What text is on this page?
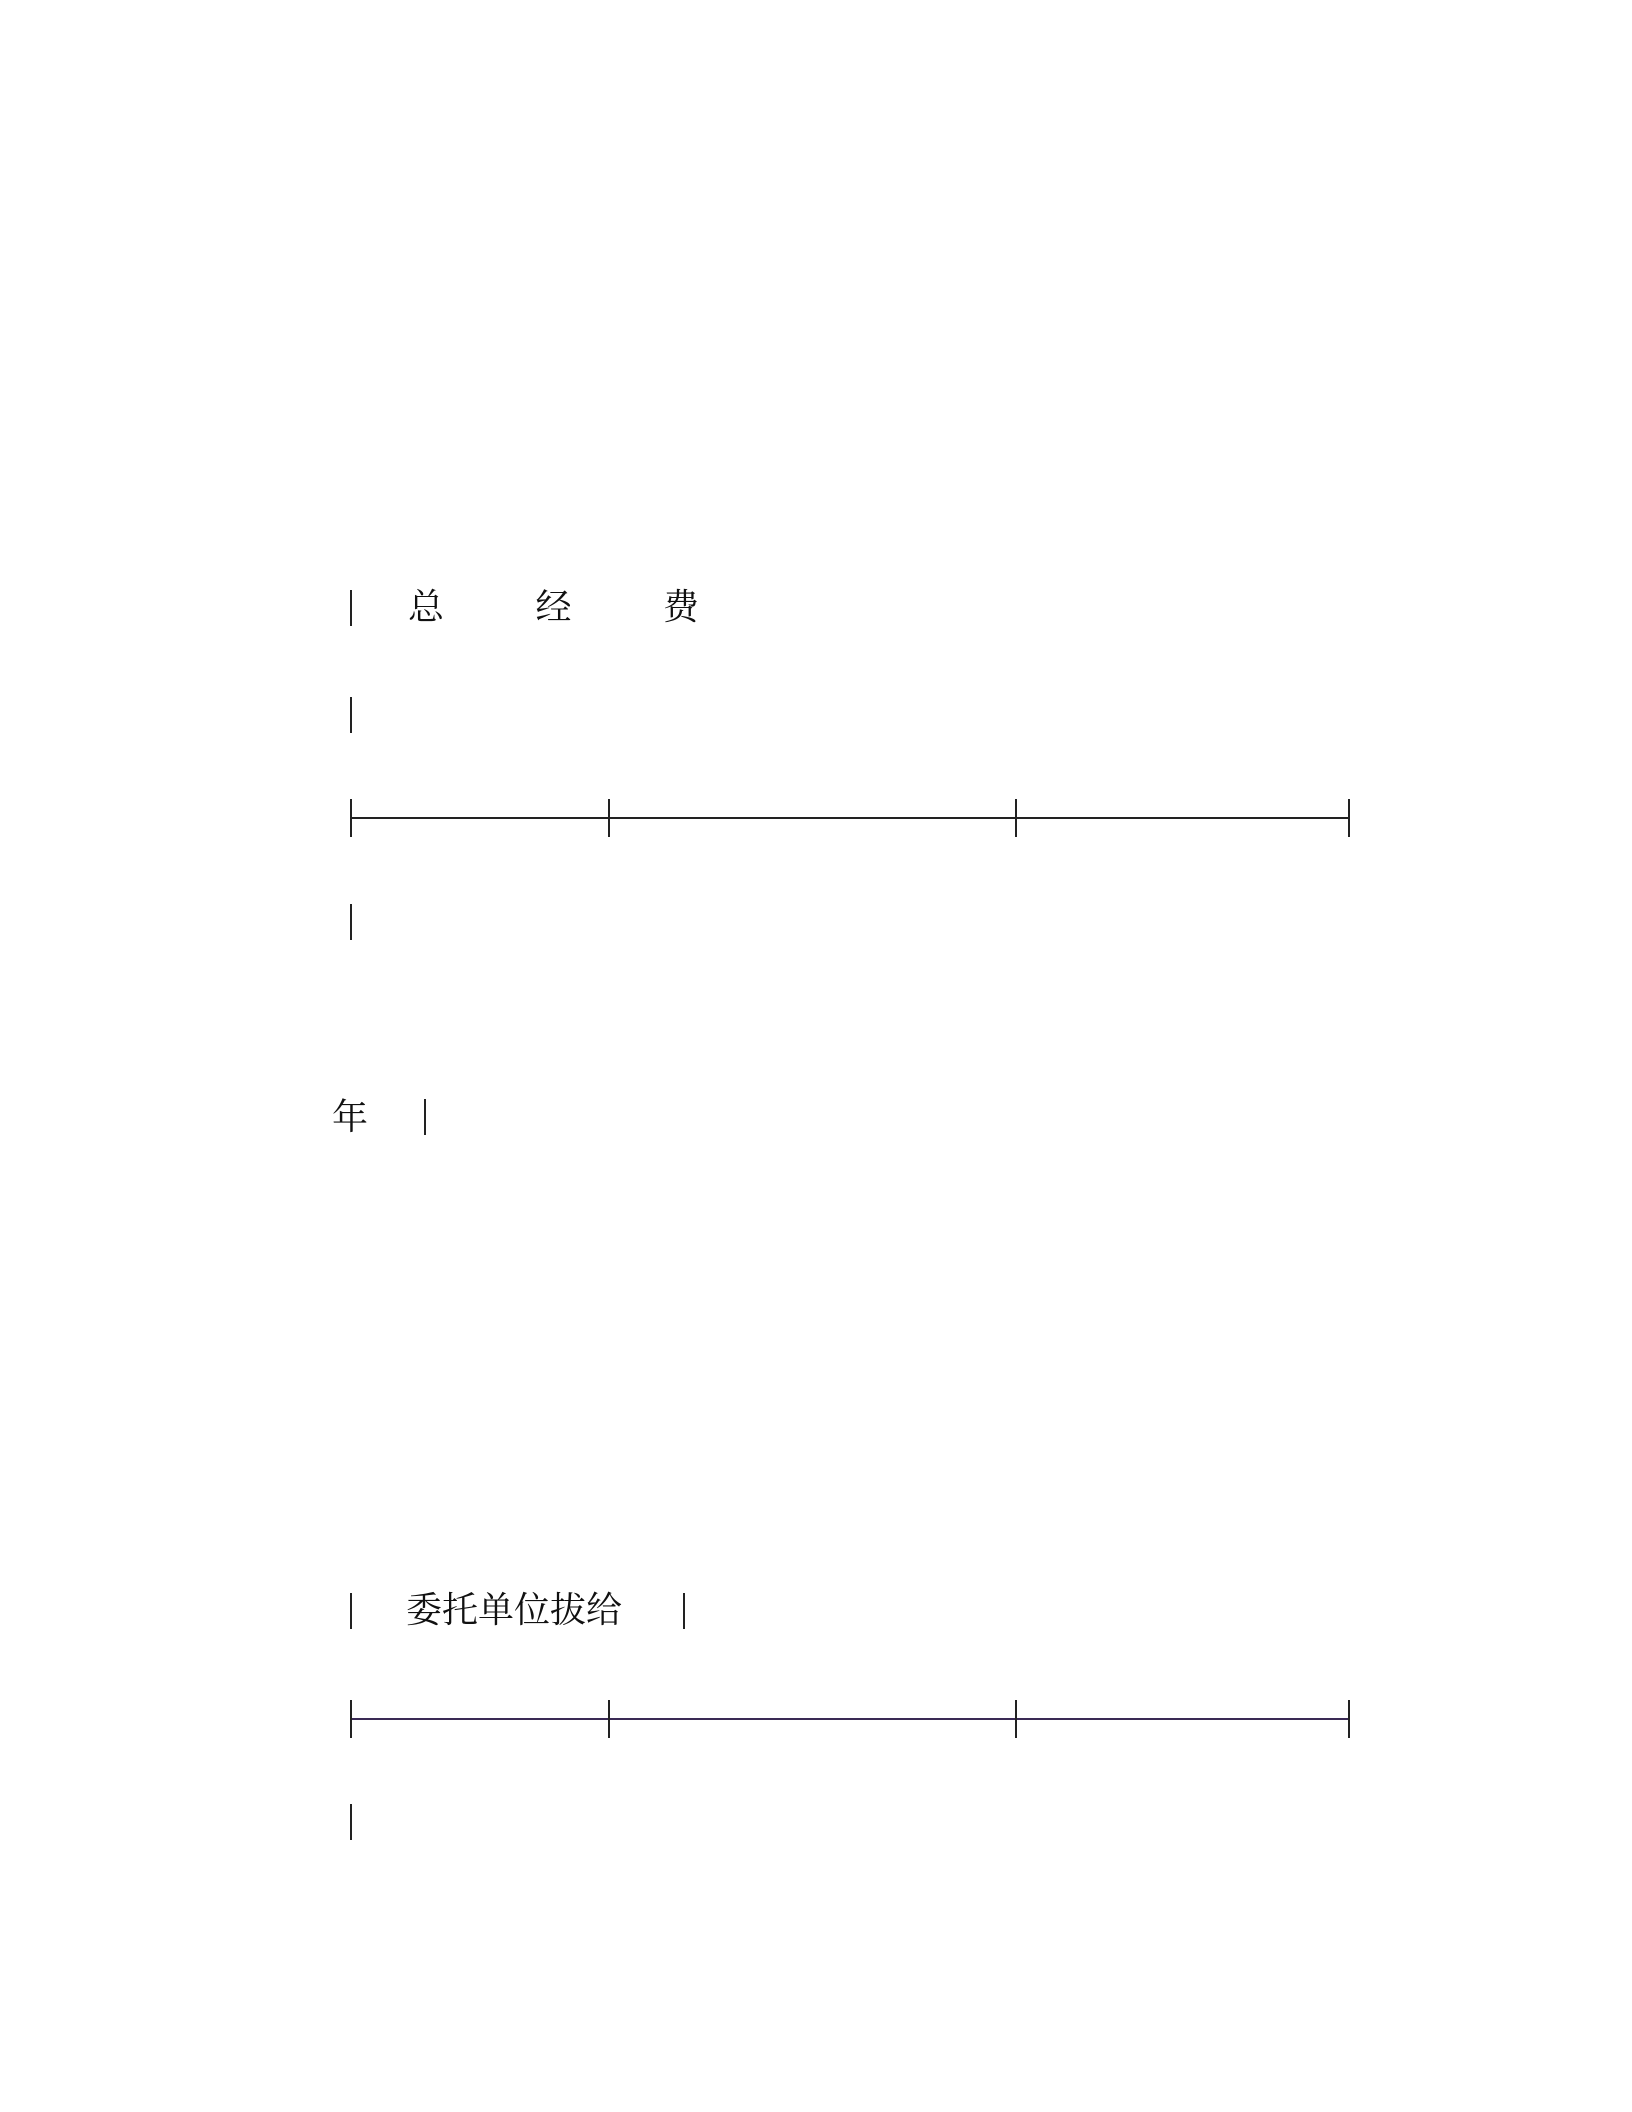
总 经 费
年
委托单位拔给
